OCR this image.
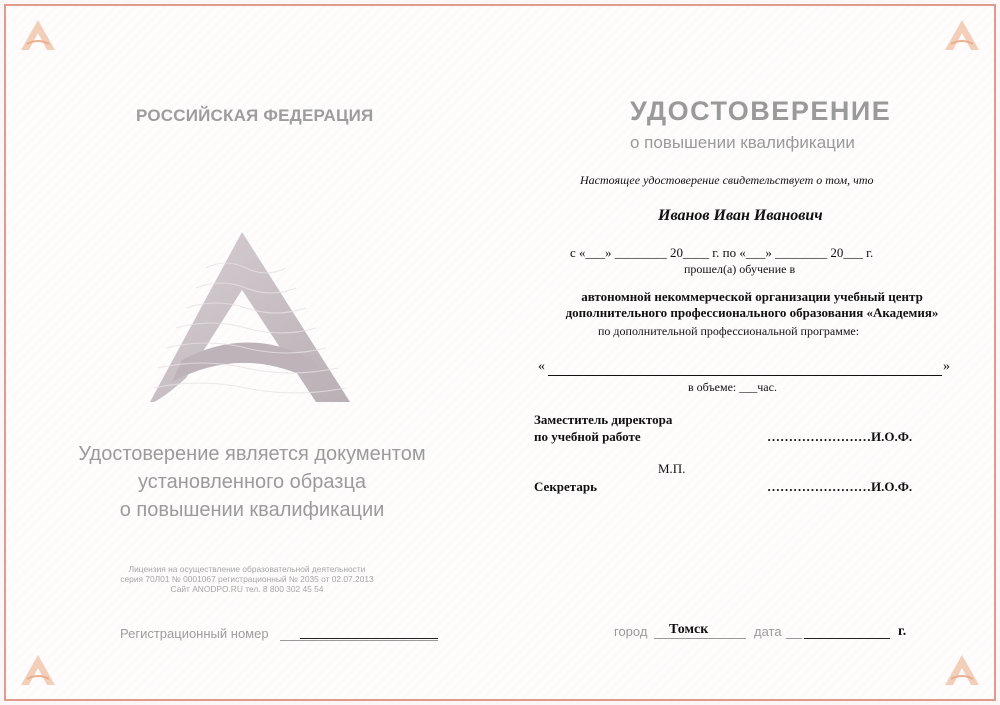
РОССИЙСКАЯ ФЕДЕРАЦИЯ
Удостоверение является документом
установленного образца
о повышении квалификации
Лицензия на осуществление образовательной деятельности
серия 70Л01 № 0001067 регистрационный № 2035 от 02.07.2013
Сайт ANODPO.RU тел. 8 800 302 45 54
Регистрационный номер
УДОСТОВЕРЕНИЕ
о повышении квалификации
Настоящее удостоверение свидетельствует о том, что
Иванов Иван Иванович
с «___» ________ 20____ г. по «___» ________ 20___ г.
прошел(а) обучение в
автономной некоммерческой организации учебный центр
дополнительного профессионального образования «Академия»
по дополнительной профессиональной программе:
«	»
в объеме: ___час.
Заместитель директора
по учебной работе	……………………И.О.Ф.
М.П.
Секретарь	……………………И.О.Ф.
город Томск	дата	г.
